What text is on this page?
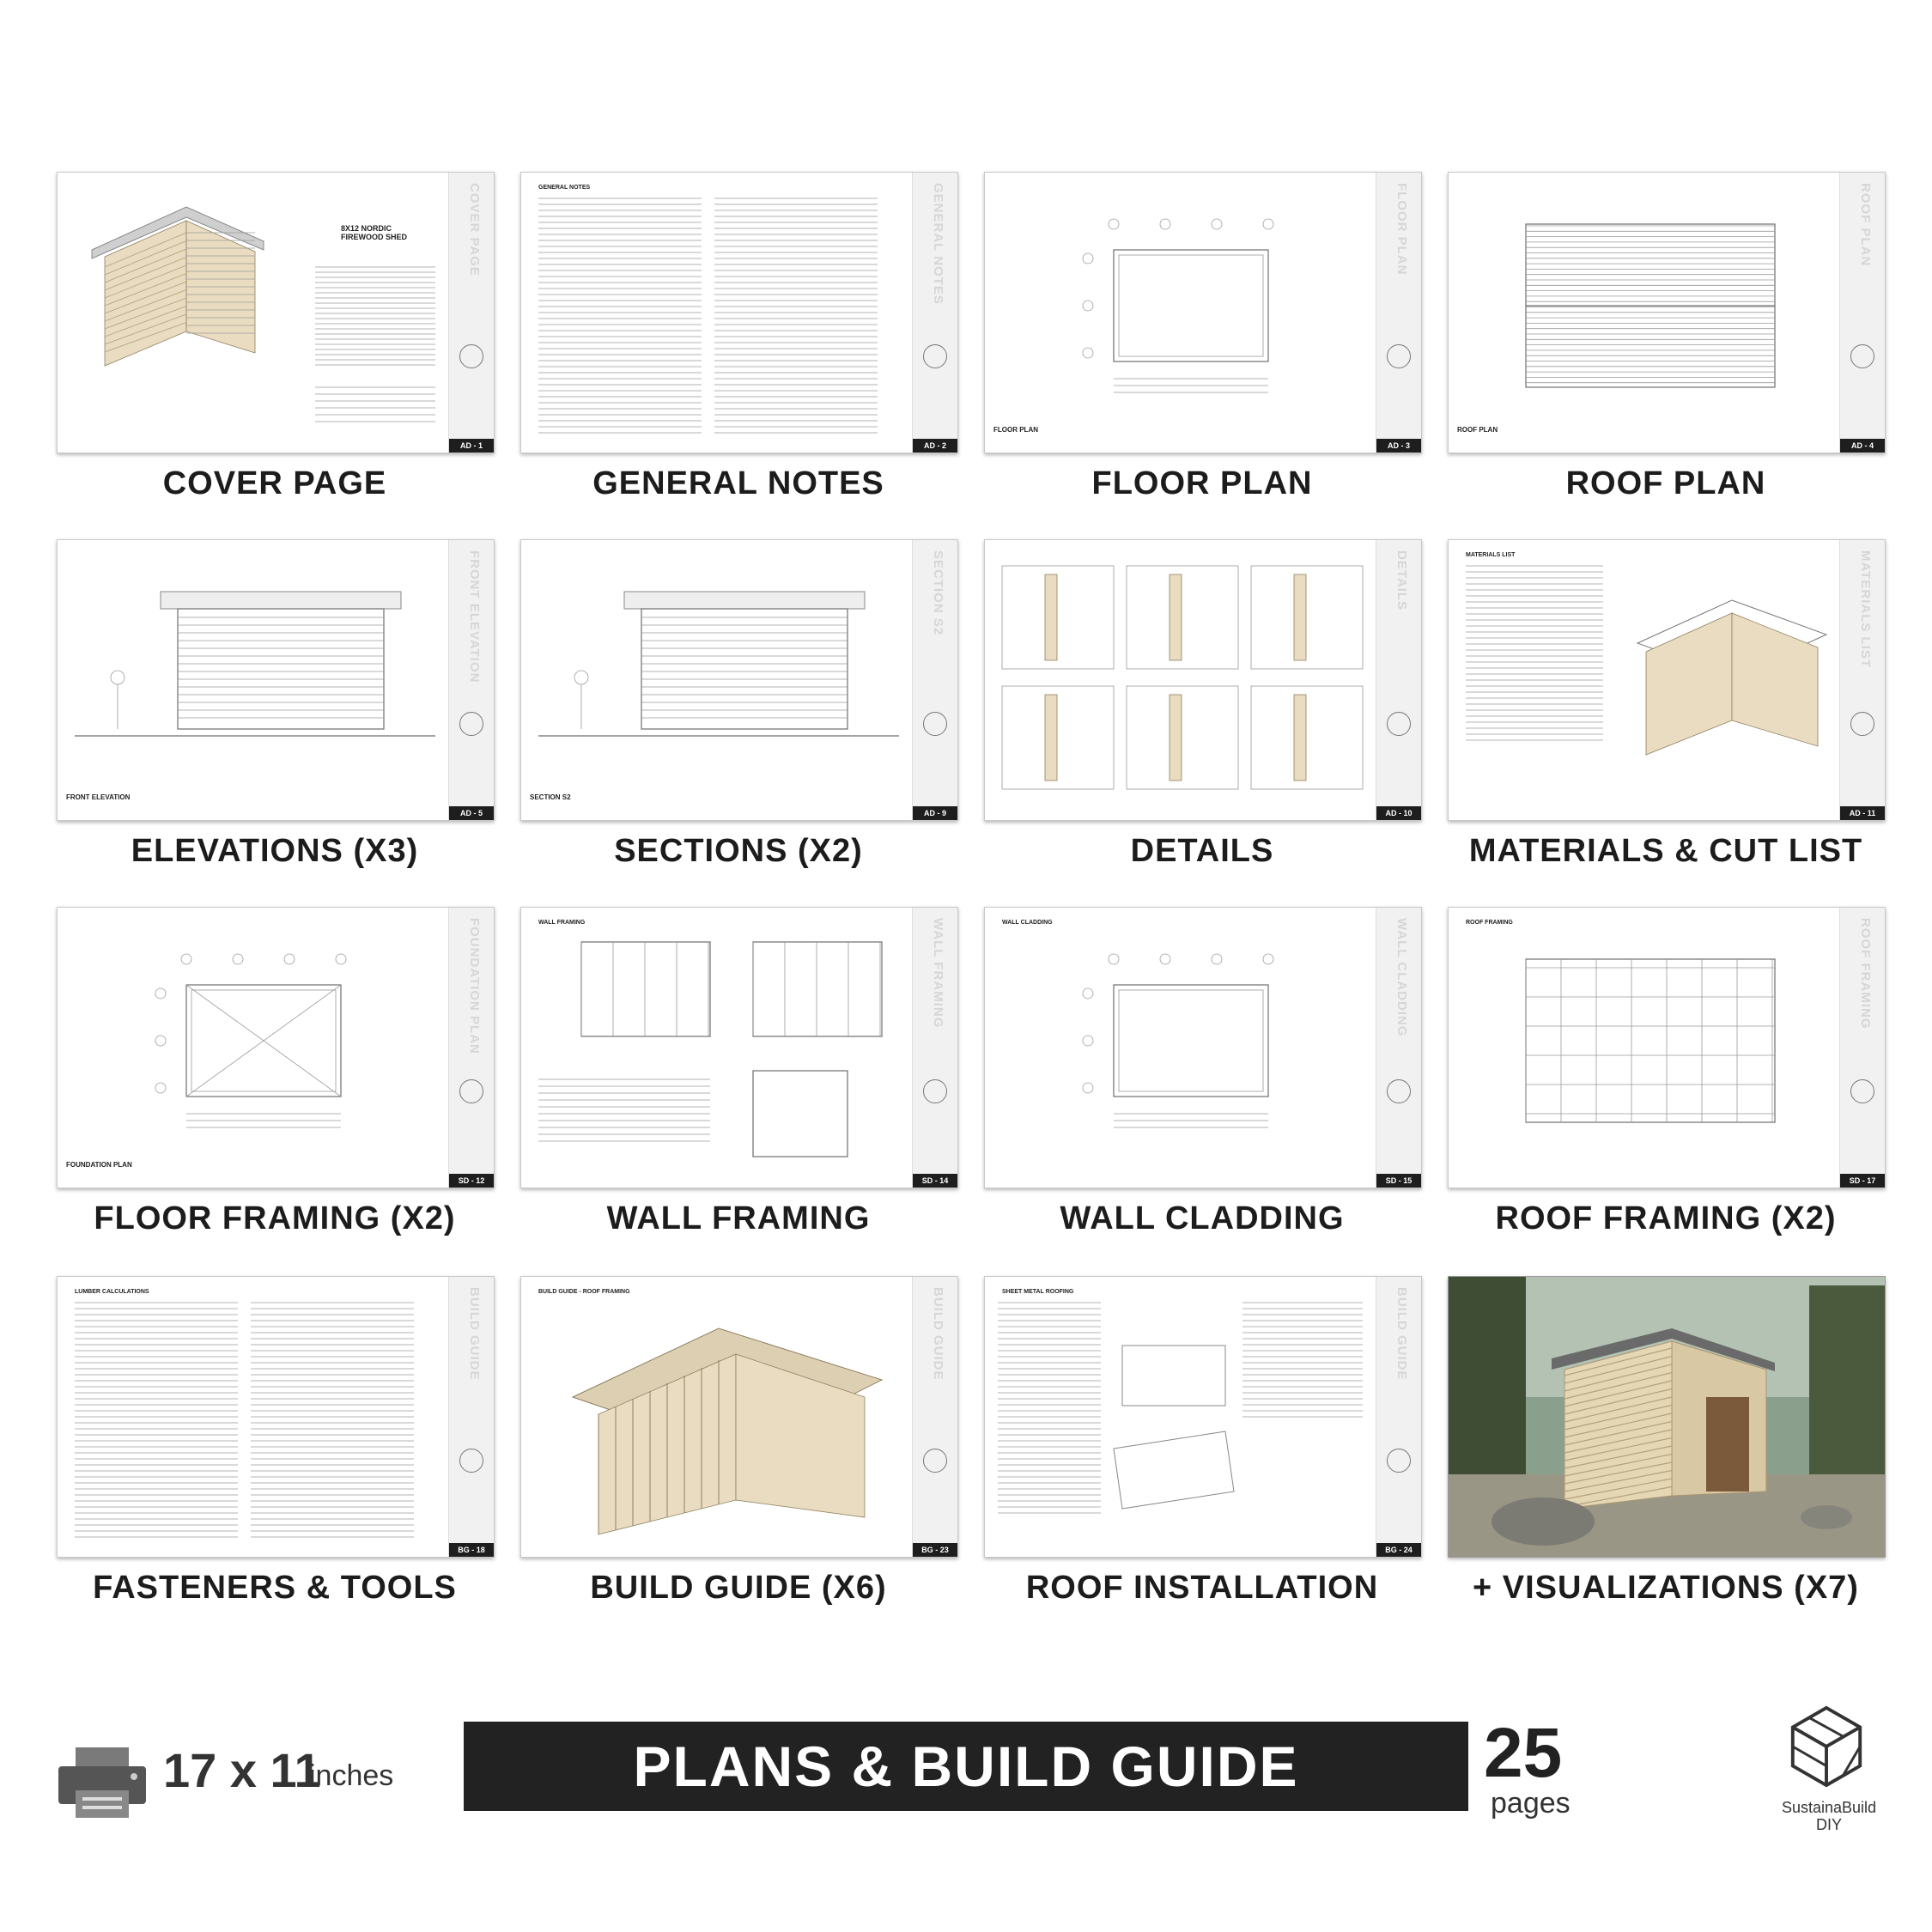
COVER PAGE
AD - 1
8X12 NORDIC FIREWOOD SHED
COVER PAGE
GENERAL NOTES
AD - 2
GENERAL NOTES
GENERAL NOTES
FLOOR PLAN
AD - 3
FLOOR PLAN
FLOOR PLAN
ROOF PLAN
AD - 4
ROOF PLAN
ROOF PLAN
FRONT ELEVATION
AD - 5
FRONT ELEVATION
ELEVATIONS (X3)
SECTION S2
AD - 9
SECTION S2
SECTIONS (X2)
DETAILS
AD - 10
DETAILS
MATERIALS LIST
AD - 11
MATERIALS LIST
MATERIALS & CUT LIST
FOUNDATION PLAN
SD - 12
FOUNDATION PLAN
FLOOR FRAMING (X2)
WALL FRAMING
SD - 14
WALL FRAMING
WALL FRAMING
WALL CLADDING
SD - 15
WALL CLADDING
WALL CLADDING
ROOF FRAMING
SD - 17
ROOF FRAMING
ROOF FRAMING (X2)
BUILD GUIDE
BG - 18
LUMBER CALCULATIONS
FASTENERS & TOOLS
BUILD GUIDE
BG - 23
BUILD GUIDE - ROOF FRAMING
BUILD GUIDE (X6)
BUILD GUIDE
BG - 24
SHEET METAL ROOFING
ROOF INSTALLATION	+ VISUALIZATIONS (X7)
17 x 11
inches	PLANS & BUILD GUIDE	25
pages	SustainaBuild
DIY
